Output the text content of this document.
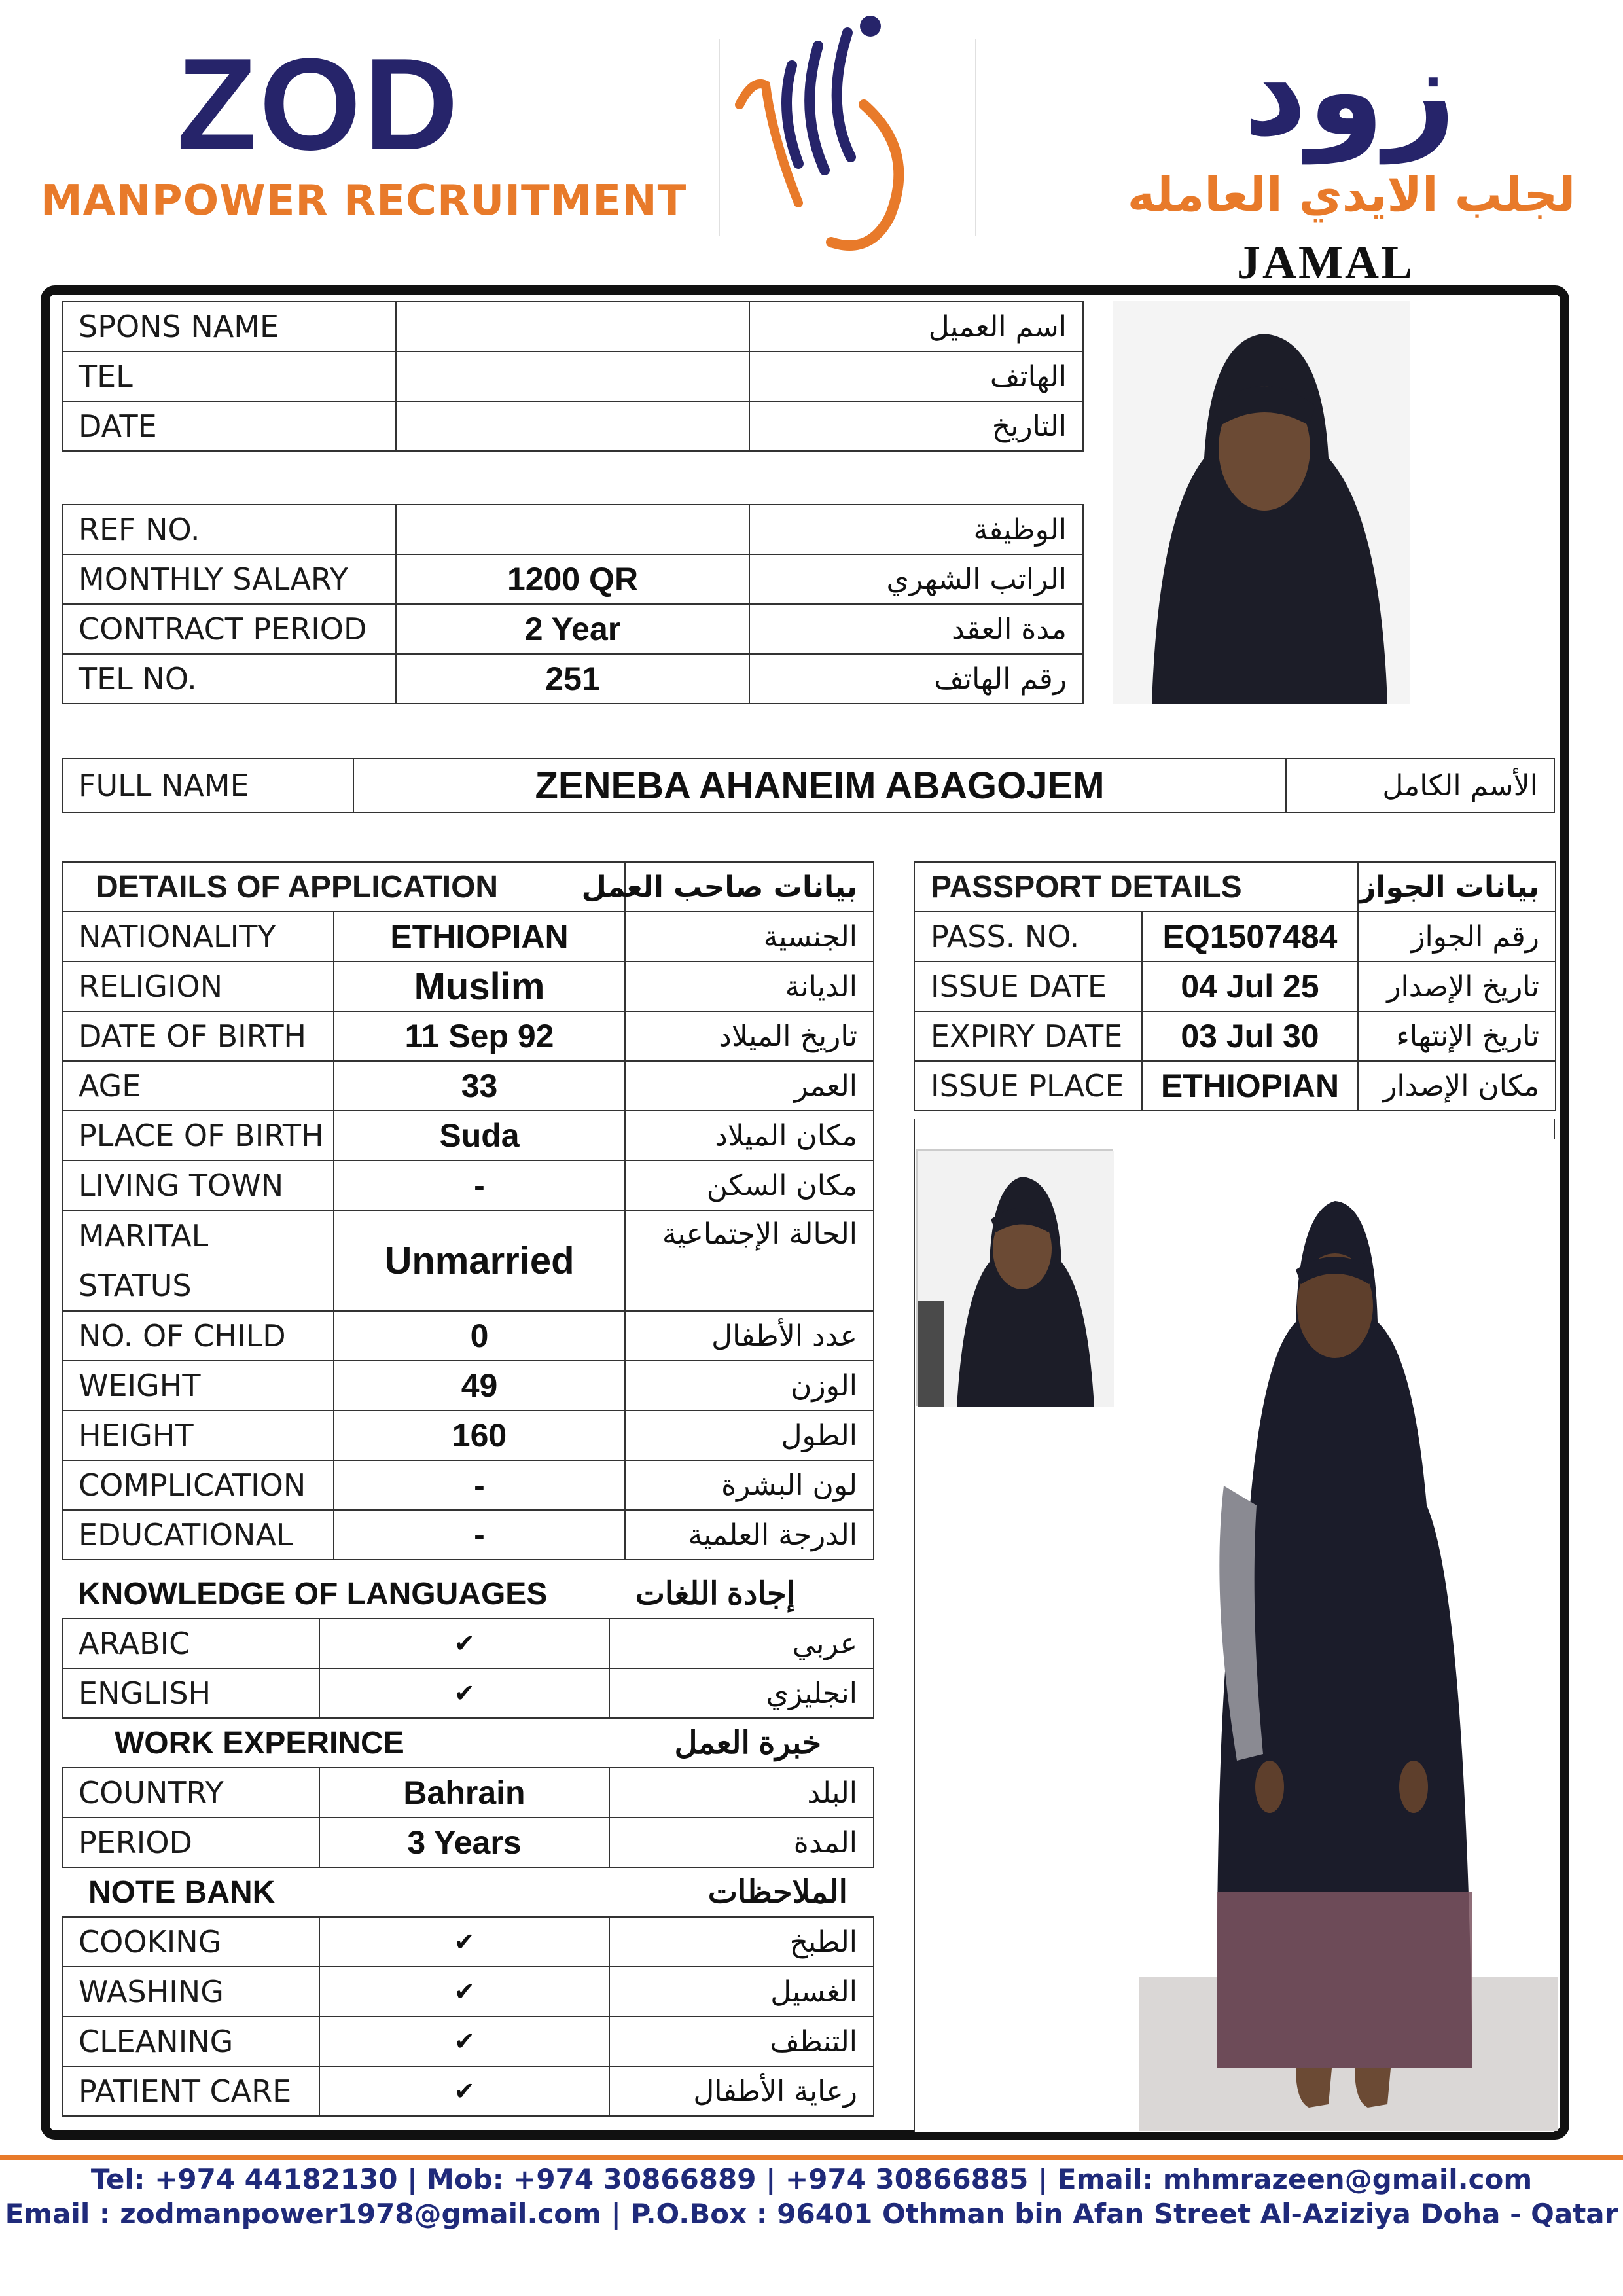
ZOD
MANPOWER RECRUITMENT
زود
لجلب الايدي العامله
JAMAL
SPONS NAME		اسم العميل
TEL		الهاتف
DATE		التاريخ
REF NO.		الوظيفة
MONTHLY SALARY	1200 QR	الراتب الشهري
CONTRACT PERIOD	2 Year	مدة العقد
TEL NO.	251	رقم الهاتف
FULL NAME	ZENEBA AHANEIM ABAGOJEM	الأسم الكامل
DETAILS OF APPLICATION		بيانات صاحب العمل
NATIONALITY	ETHIOPIAN	الجنسية
RELIGION	Muslim	الديانة
DATE OF BIRTH	11 Sep 92	تاريخ الميلاد
AGE	33	العمر
PLACE OF BIRTH	Suda	مكان الميلاد
LIVING TOWN	-	مكان السكن
MARITAL
STATUS	Unmarried	الحالة الإجتماعية
NO. OF CHILD	0	عدد الأطفال
WEIGHT	49	الوزن
HEIGHT	160	الطول
COMPLICATION	-	لون البشرة
EDUCATIONAL	-	الدرجة العلمية
KNOWLEDGE OF LANGUAGES		إجادة اللغات
ARABIC	✔	عربي
ENGLISH	✔	انجليزي
WORK EXPERINCE		خبرة العمل
COUNTRY	Bahrain	البلد
PERIOD	3 Years	المدة
NOTE BANK		الملاحظات
COOKING	✔	الطبخ
WASHING	✔	الغسيل
CLEANING	✔	التنظف
PATIENT CARE	✔	رعاية الأطفال
PASSPORT DETAILS		بيانات الجواز
PASS. NO.	EQ1507484	رقم الجواز
ISSUE DATE	04 Jul 25	تاريخ الإصدار
EXPIRY DATE	03 Jul 30	تاريخ الإنتهاء
ISSUE PLACE	ETHIOPIAN	مكان الإصدار
Tel: +974 44182130 | Mob: +974 30866889 | +974 30866885 | Email: mhmrazeen@gmail.com
Email : zodmanpower1978@gmail.com | P.O.Box : 96401 Othman bin Afan Street Al-Aziziya Doha - Qatar
